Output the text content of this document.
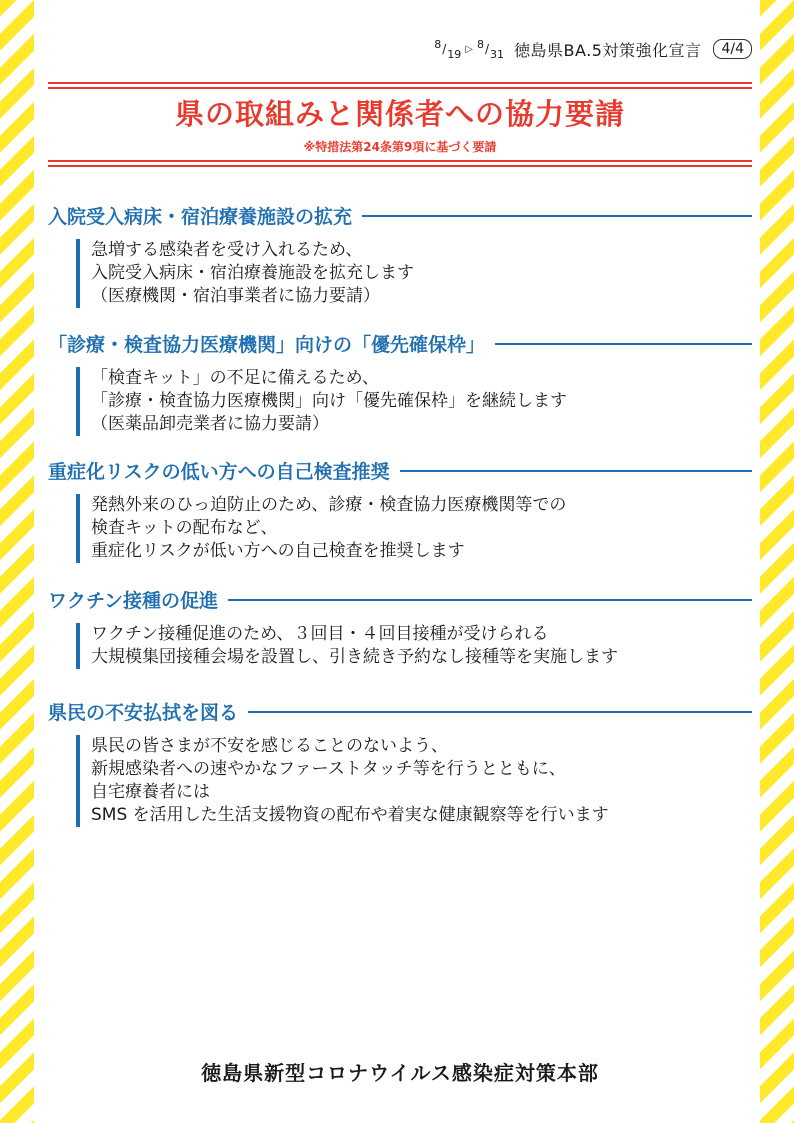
8 / 19 ▷ 8 / 31 徳島県BA.5対策強化宣言	4/4
県の取組みと関係者への協力要請
※特措法第24条第9項に基づく要請
入院受入病床・宿泊療養施設の拡充
急増する感染者を受け入れるため、
入院受入病床・宿泊療養施設を拡充します
（医療機関・宿泊事業者に協力要請）
「診療・検査協力医療機関」向けの「優先確保枠」
「検査キット」の不足に備えるため、
「診療・検査協力医療機関」向け「優先確保枠」を継続します
（医薬品卸売業者に協力要請）
重症化リスクの低い方への自己検査推奨
発熱外来のひっ迫防止のため、診療・検査協力医療機関等での
検査キットの配布など、
重症化リスクが低い方への自己検査を推奨します
ワクチン接種の促進
ワクチン接種促進のため、３回目・４回目接種が受けられる
大規模集団接種会場を設置し、引き続き予約なし接種等を実施します
県民の不安払拭を図る
県民の皆さまが不安を感じることのないよう、
新規感染者への速やかなファーストタッチ等を行うとともに、
自宅療養者には
SMS を活用した生活支援物資の配布や着実な健康観察等を行います
徳島県新型コロナウイルス感染症対策本部
